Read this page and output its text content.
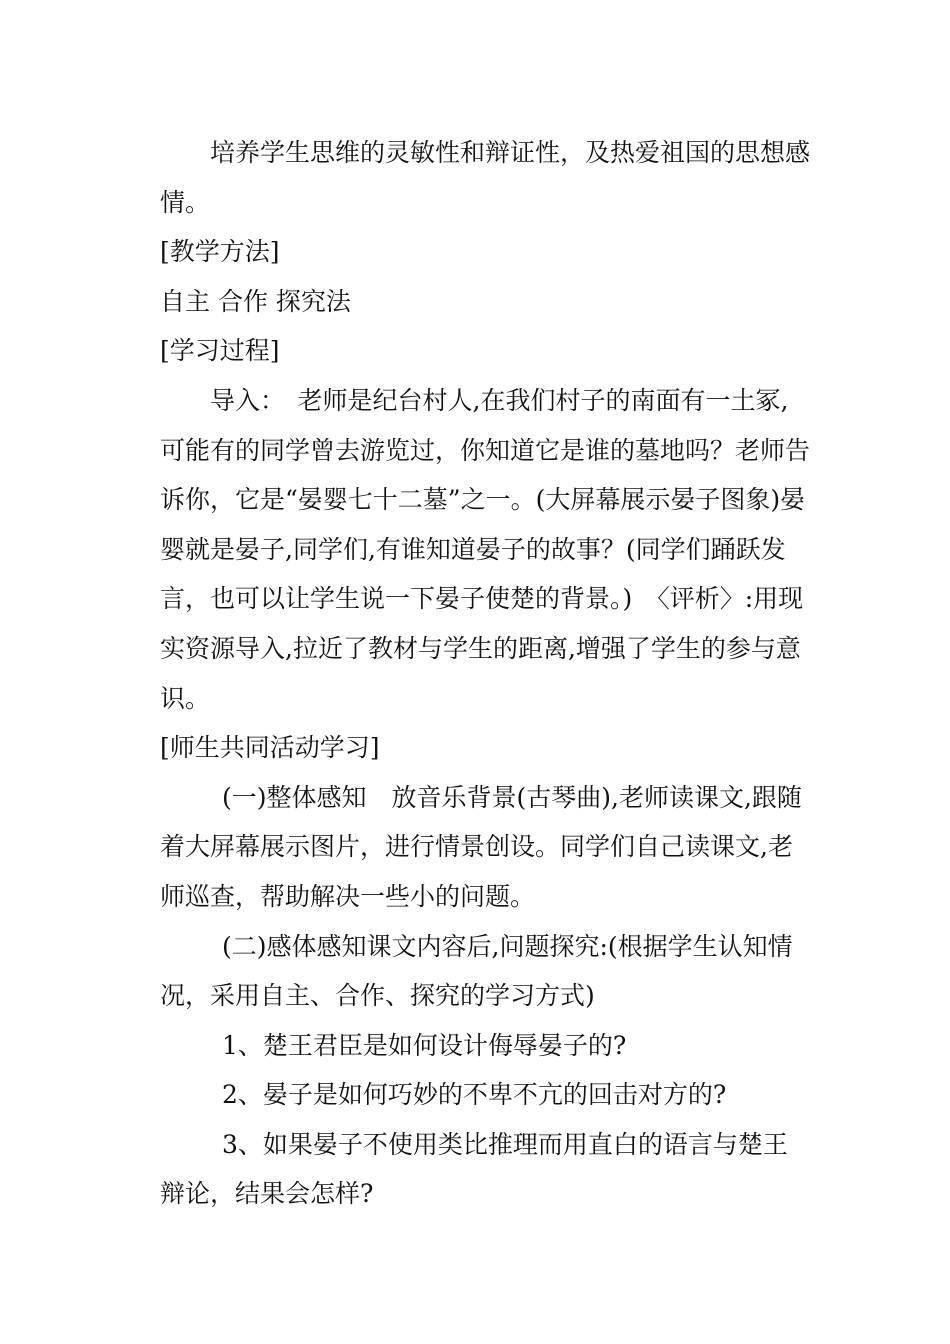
培养学生思维的灵敏性和辩证性，及热爱祖国的思想感情。

[教学方法]

自主 合作 探究法

[学习过程]

导入：　老师是纪台村人,在我们村子的南面有一土冢,可能有的同学曾去游览过，你知道它是谁的墓地吗？老师告诉你，它是“晏婴七十二墓”之一。(大屏幕展示晏子图象)晏婴就是晏子,同学们,有谁知道晏子的故事？(同学们踊跃发言，也可以让学生说一下晏子使楚的背景。)　〈评析〉:用现实资源导入,拉近了教材与学生的距离,增强了学生的参与意识。

[师生共同活动学习]

(一)整体感知　放音乐背景(古琴曲),老师读课文,跟随着大屏幕展示图片，进行情景创设。同学们自己读课文,老师巡查，帮助解决一些小的问题。

(二)感体感知课文内容后,问题探究:(根据学生认知情况，采用自主、合作、探究的学习方式)

1、楚王君臣是如何设计侮辱晏子的?

2、晏子是如何巧妙的不卑不亢的回击对方的?

3、如果晏子不使用类比推理而用直白的语言与楚王辩论，结果会怎样?
